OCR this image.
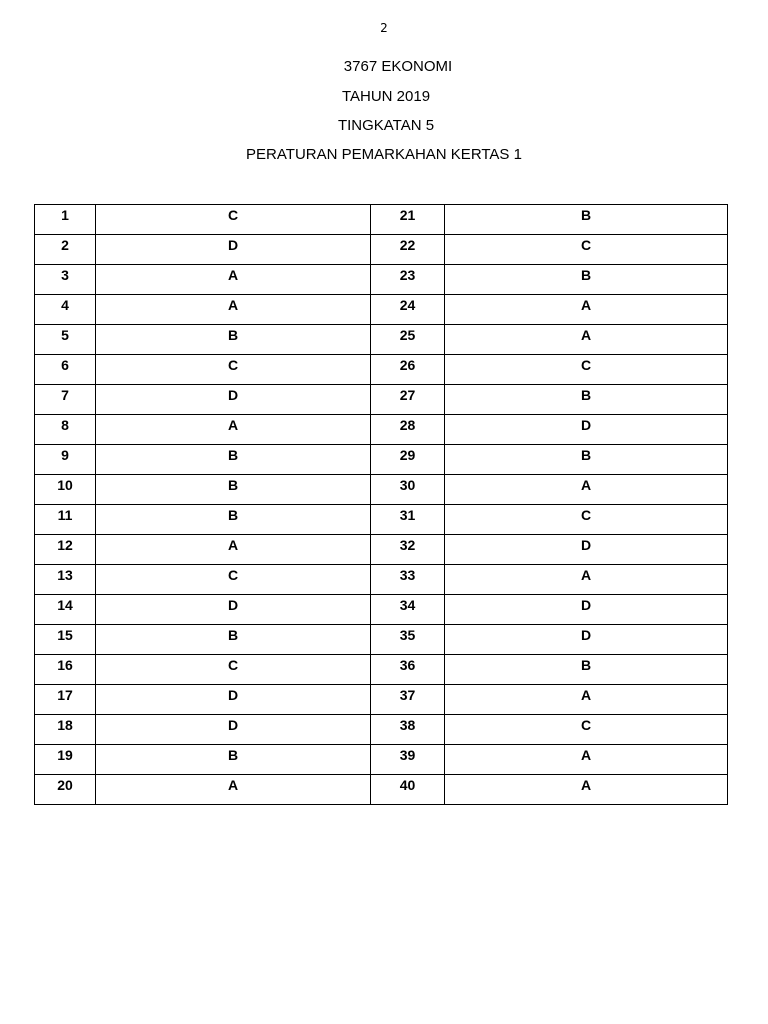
2
3767 EKONOMI
TAHUN 2019
TINGKATAN 5
PERATURAN PEMARKAHAN KERTAS 1
1	C	21	B
2	D	22	C
3	A	23	B
4	A	24	A
5	B	25	A
6	C	26	C
7	D	27	B
8	A	28	D
9	B	29	B
10	B	30	A
11	B	31	C
12	A	32	D
13	C	33	A
14	D	34	D
15	B	35	D
16	C	36	B
17	D	37	A
18	D	38	C
19	B	39	A
20	A	40	A
